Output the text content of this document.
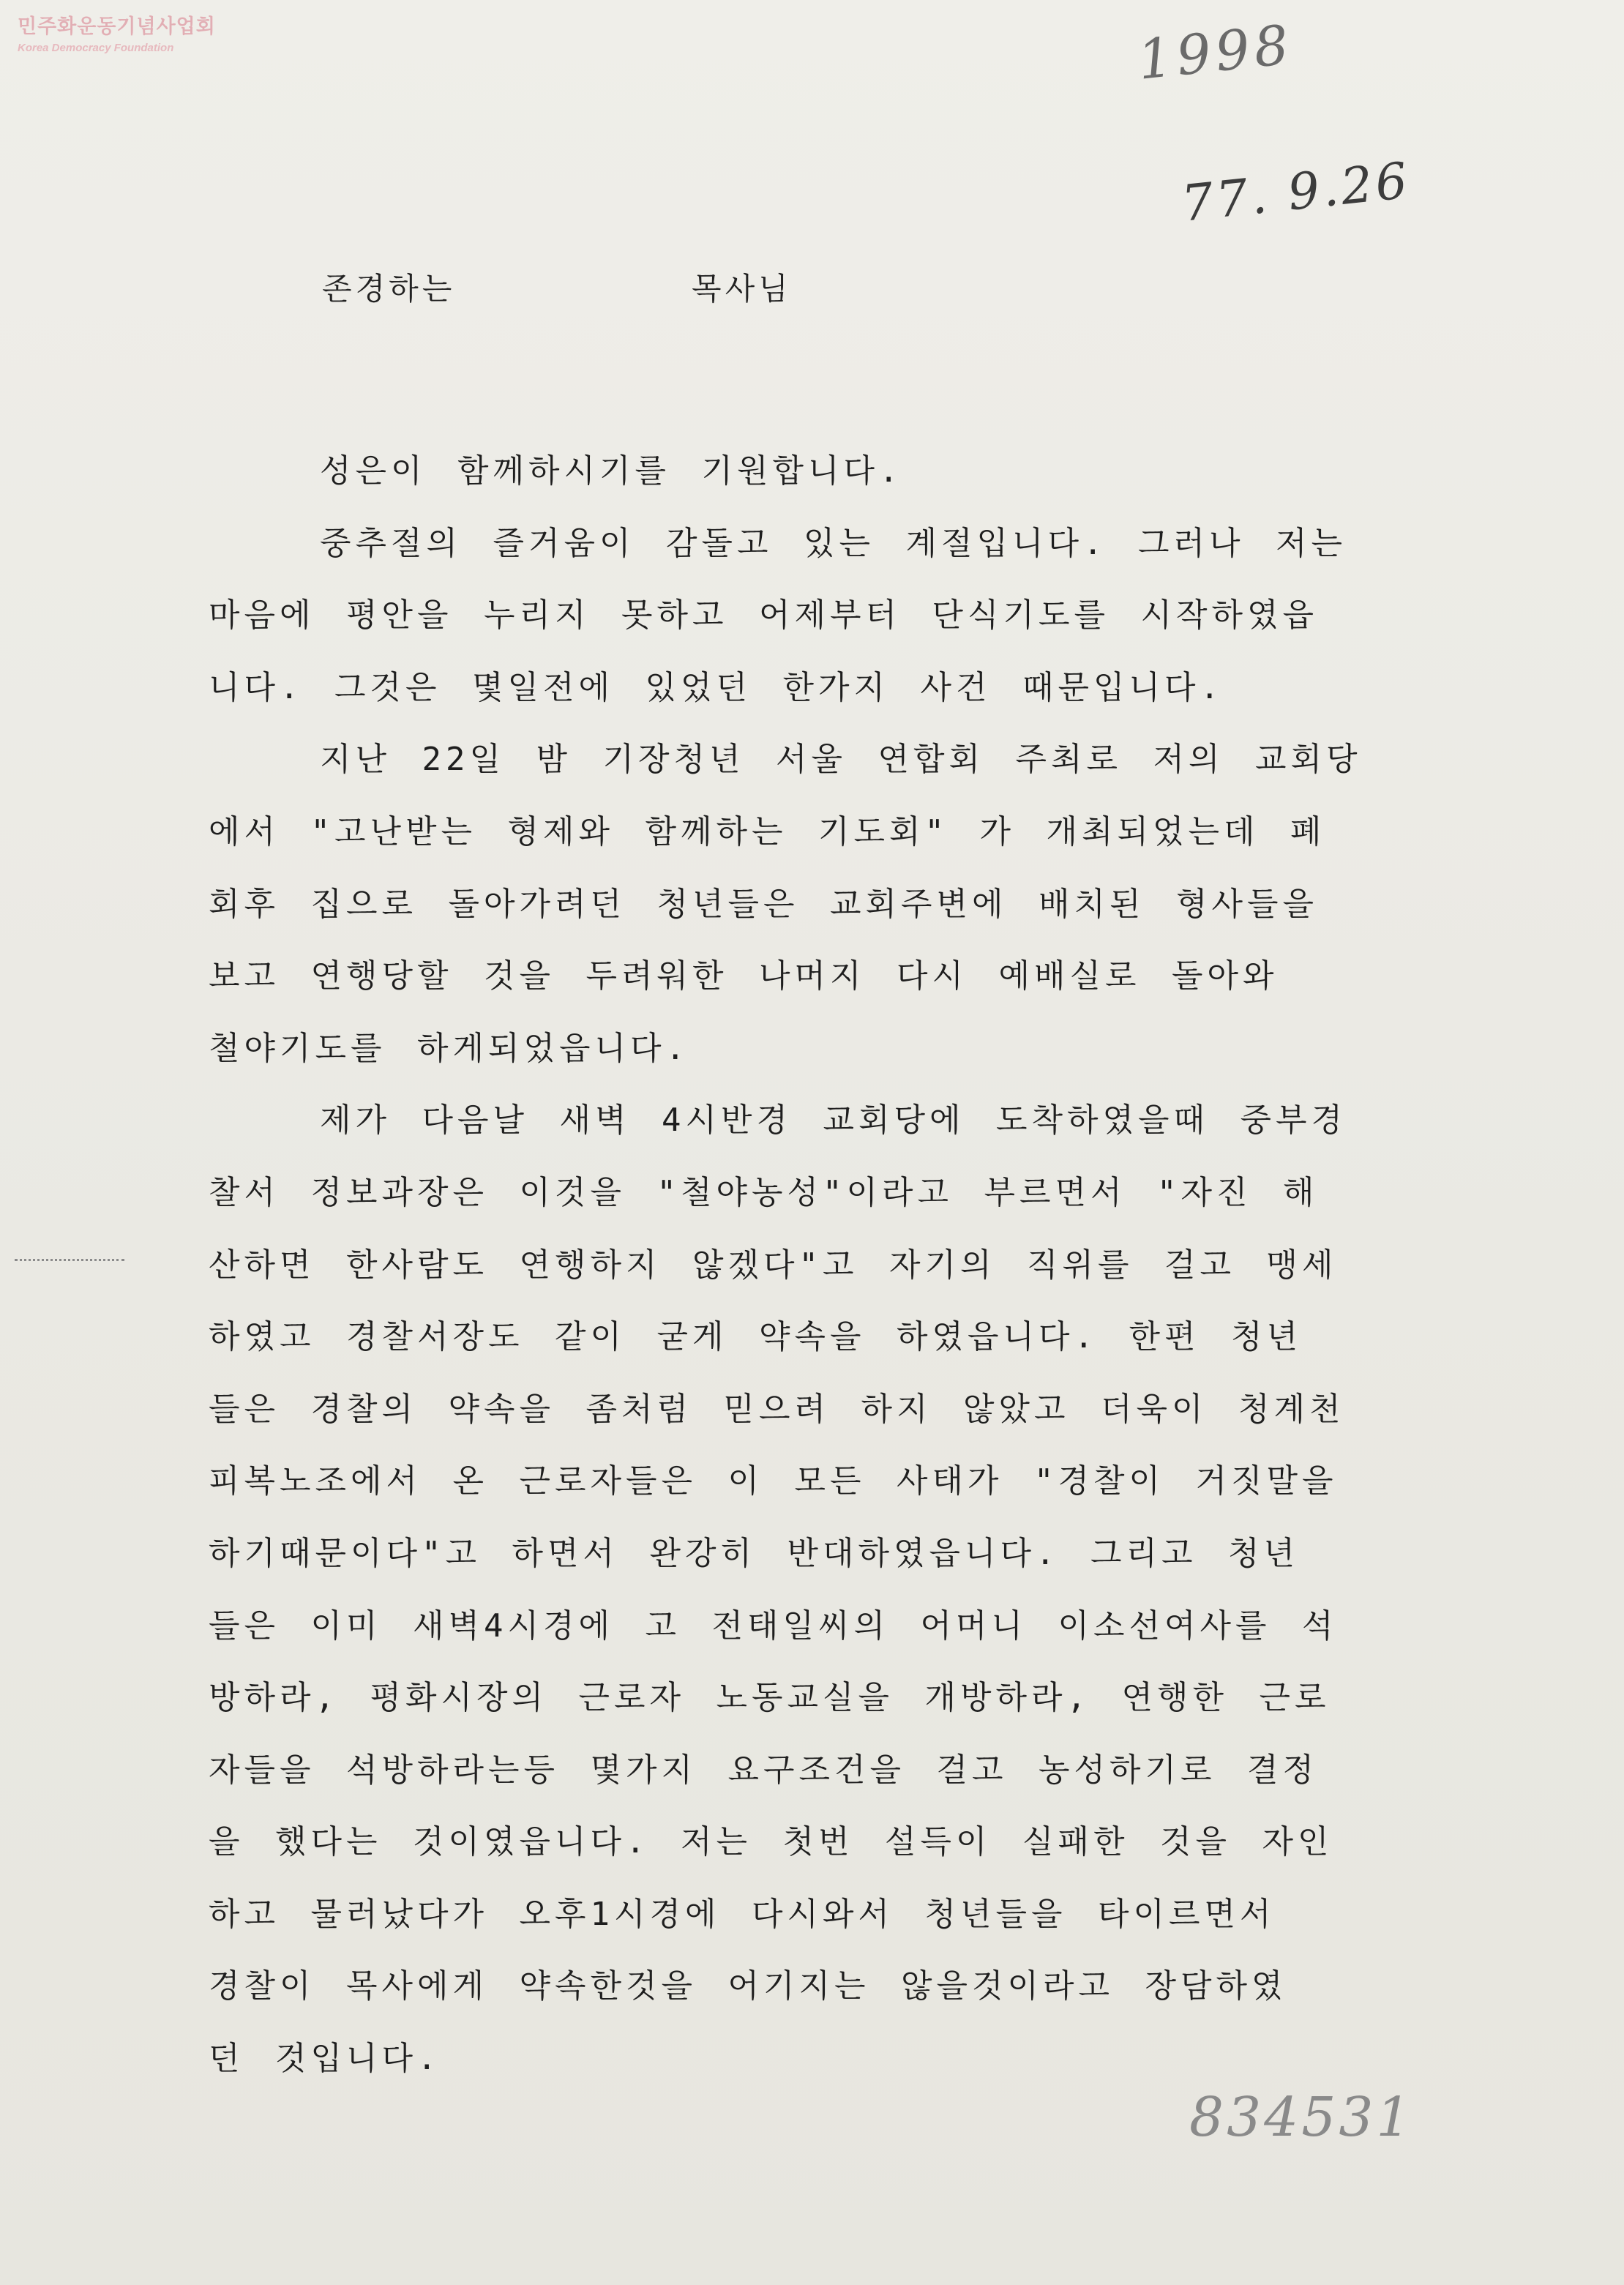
민주화운동기념사업회
Korea Democracy Foundation	1998
77. 9.26
존경하는	목사님
성은이 함께하시기를 기원합니다.
중추절의 즐거움이 감돌고 있는 계절입니다. 그러나 저는
마음에 평안을 누리지 못하고 어제부터 단식기도를 시작하였읍
니다. 그것은 몇일전에 있었던 한가지 사건 때문입니다.
지난 22일 밤 기장청년 서울 연합회 주최로 저의 교회당
에서 "고난받는 형제와 함께하는 기도회" 가 개최되었는데 폐
회후 집으로 돌아가려던 청년들은 교회주변에 배치된 형사들을
보고 연행당할 것을 두려워한 나머지 다시 예배실로 돌아와
철야기도를 하게되었읍니다.
제가 다음날 새벽 4시반경 교회당에 도착하였을때 중부경
찰서 정보과장은 이것을 "철야농성"이라고 부르면서 "자진 해
산하면 한사람도 연행하지 않겠다"고 자기의 직위를 걸고 맹세
하였고 경찰서장도 같이 굳게 약속을 하였읍니다. 한편 청년
들은 경찰의 약속을 좀처럼 믿으려 하지 않았고 더욱이 청계천
피복노조에서 온 근로자들은 이 모든 사태가 "경찰이 거짓말을
하기때문이다"고 하면서 완강히 반대하였읍니다. 그리고 청년
들은 이미 새벽4시경에 고 전태일씨의 어머니 이소선여사를 석
방하라, 평화시장의 근로자 노동교실을 개방하라, 연행한 근로
자들을 석방하라는등 몇가지 요구조건을 걸고 농성하기로 결정
을 했다는 것이였읍니다. 저는 첫번 설득이 실패한 것을 자인
하고 물러났다가 오후1시경에 다시와서 청년들을 타이르면서
경찰이 목사에게 약속한것을 어기지는 않을것이라고 장담하였
던 것입니다.
834531
